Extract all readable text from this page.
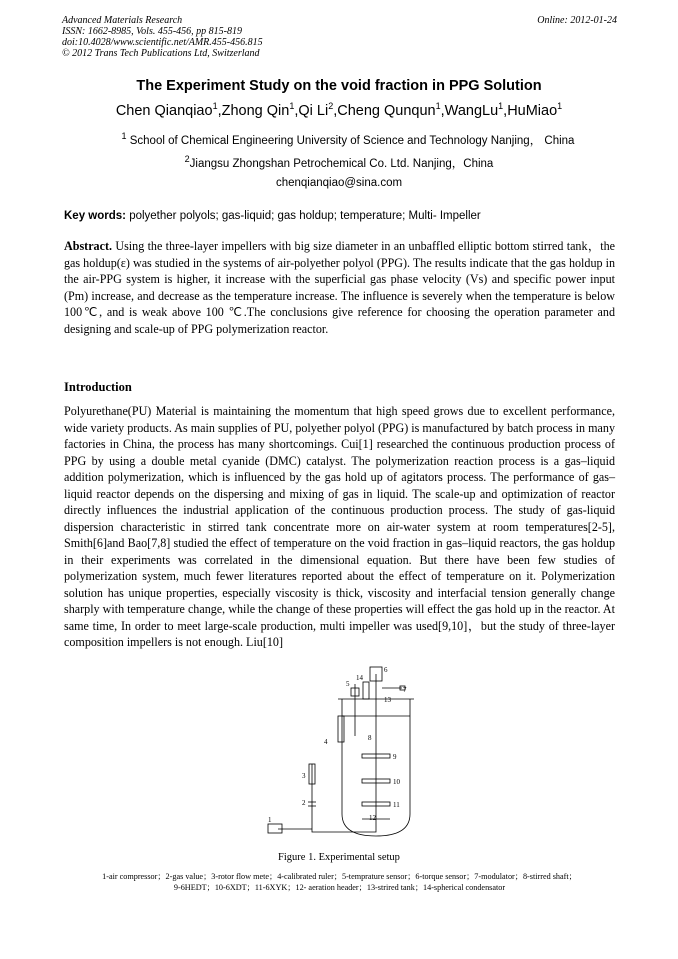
Advanced Materials Research
ISSN: 1662-8985, Vols. 455-456, pp 815-819
doi:10.4028/www.scientific.net/AMR.455-456.815
© 2012 Trans Tech Publications Ltd, Switzerland
Online: 2012-01-24
The Experiment Study on the void fraction in PPG Solution
Chen Qianqiao$^1$,Zhong Qin$^1$,Qi Li$^2$,Cheng Qunqun$^1$,WangLu$^1$,HuMiao$^1$
$^1$ School of Chemical Engineering University of Science and Technology Nanjing， China
$^2$Jiangsu Zhongshan Petrochemical Co. Ltd. Nanjing，China
chenqianqiao@sina.com
Key words: polyether polyols; gas-liquid; gas holdup; temperature; Multi- Impeller

Abstract. Using the three-layer impellers with big size diameter in an unbaffled elliptic bottom stirred tank，the gas holdup(ε) was studied in the systems of air-polyether polyol (PPG). The results indicate that the gas holdup in the air-PPG system is higher, it increase with the superficial gas phase velocity (Vs) and specific power input (Pm) increase, and decrease as the temperature increase. The influence is severely when the temperature is below 100℃, and is weak above 100 ℃.The conclusions give reference for choosing the operation parameter and designing and scale-up of PPG polymerization reactor.

Introduction

Polyurethane(PU) Material is maintaining the momentum that high speed grows due to excellent performance, wide variety products. As main supplies of PU, polyether polyol (PPG) is manufactured by batch process in many factories in China, the process has many shortcomings. Cui[1] researched the continuous production process of PPG by using a double metal cyanide (DMC) catalyst. The polymerization reaction process is a gas–liquid addition polymerization, which is influenced by the gas hold up of agitators process. The performance of gas–liquid reactor depends on the dispersing and mixing of gas in liquid. The scale-up and optimization of reactor directly influences the industrial application of the continuous production process. The study of gas-liquid dispersion characteristic in stirred tank concentrate more on air-water system at room temperatures[2-5], Smith[6]and Bao[7,8] studied the effect of temperature on the void fraction in gas–liquid reactors, the gas holdup in their experiments was correlated in the dimensional equation. But there have been few studies of polymerization system, much fewer literatures reported about the effect of temperature on it. Polymerization solution has unique properties, especially viscosity is thick, viscosity and interfacial tension generally change sharply with temperature change, while the change of these properties will effect the gas hold up in the reactor. At same time, In order to meet large-scale production, multi impeller was used[9,10]，but the study of three-layer composition impellers is not enough. Liu[10]

1
2
3
4
5
6
7
8
9
10
11
12
13
14
Figure 1. Experimental setup
1-air compressor；2-gas value；3-rotor flow mete；4-calibrated ruler；5-temprature sensor；6-torque sensor；7-modulator；8-stirred shaft；
9-6HEDT；10-6XDT；11-6XYK；12- aeration header；13-strired tank；14-spherical condensator
